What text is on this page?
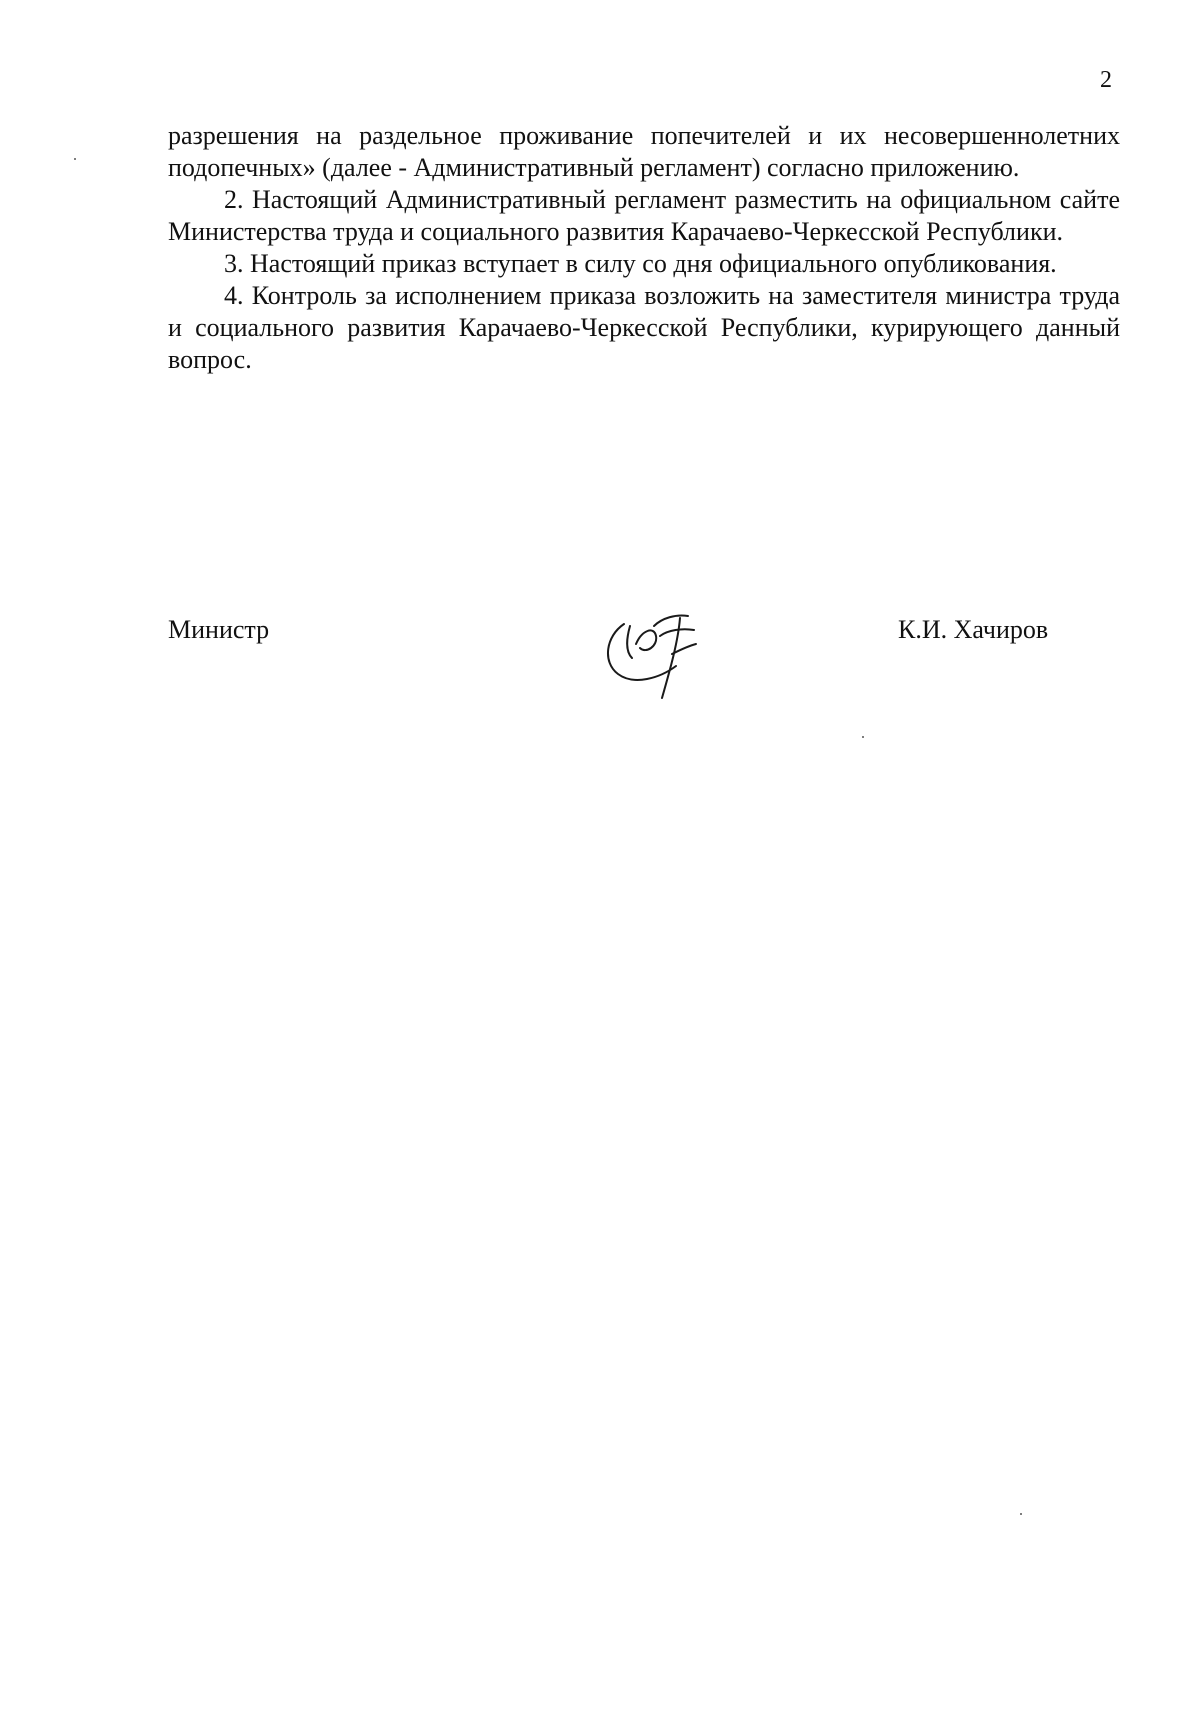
2

разрешения на раздельное проживание попечителей и их несовершеннолетних подопечных» (далее - Административный регламент) согласно приложению.

2. Настоящий Административный регламент разместить на официальном сайте Министерства труда и социального развития Карачаево-Черкесской Республики.

3. Настоящий приказ вступает в силу со дня официального опубликования.

4. Контроль за исполнением приказа возложить на заместителя министра труда и социального развития Карачаево-Черкесской Республики, курирующего данный вопрос.

Министр	К.И. Хачиров
